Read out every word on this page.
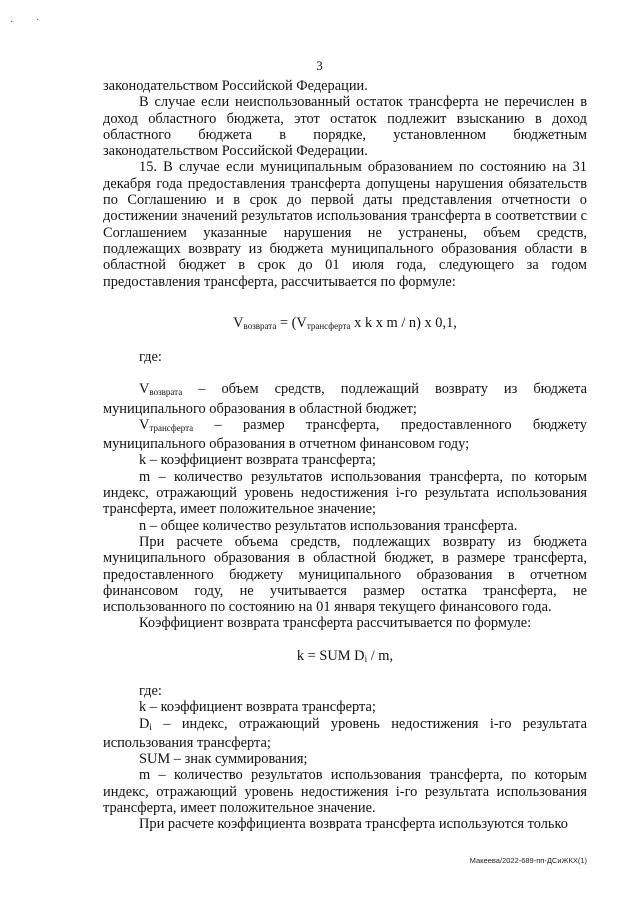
3

законодательством Российской Федерации.

В случае если неиспользованный остаток трансферта не перечислен в доход областного бюджета, этот остаток подлежит взысканию в доход областного бюджета в порядке, установленном бюджетным законодательством Российской Федерации.

15. В случае если муниципальным образованием по состоянию на 31 декабря года предоставления трансферта допущены нарушения обязательств по Соглашению и в срок до первой даты представления отчетности о достижении значений результатов использования трансферта в соответствии с Соглашением указанные нарушения не устранены, объем средств, подлежащих возврату из бюджета муниципального образования области в областной бюджет в срок до 01 июля года, следующего за годом предоставления трансферта, рассчитывается по формуле:

$V_{возврата} = (V_{трансферта}$ x k x m / n) x 0,1,

где:

$V_{возврата}$ – объем средств, подлежащий возврату из бюджета муниципального образования в областной бюджет;

$V_{трансферта}$ – размер трансферта, предоставленного бюджету муниципального образования в отчетном финансовом году;

k – коэффициент возврата трансферта;

m – количество результатов использования трансферта, по которым индекс, отражающий уровень недостижения i-го результата использования трансферта, имеет положительное значение;

n – общее количество результатов использования трансферта.

При расчете объема средств, подлежащих возврату из бюджета муниципального образования в областной бюджет, в размере трансферта, предоставленного бюджету муниципального образования в отчетном финансовом году, не учитывается размер остатка трансферта, не использованного по состоянию на 01 января текущего финансового года.

Коэффициент возврата трансферта рассчитывается по формуле:

k = SUM $D_i$ / m,

где:

k – коэффициент возврата трансферта;

$D_i$ – индекс, отражающий уровень недостижения i-го результата использования трансферта;

SUM – знак суммирования;

m – количество результатов использования трансферта, по которым индекс, отражающий уровень недостижения i-го результата использования трансферта, имеет положительное значение.

При расчете коэффициента возврата трансферта используются только

Макеева/2022-689-пп-ДСиЖКХ(1)
· ·
